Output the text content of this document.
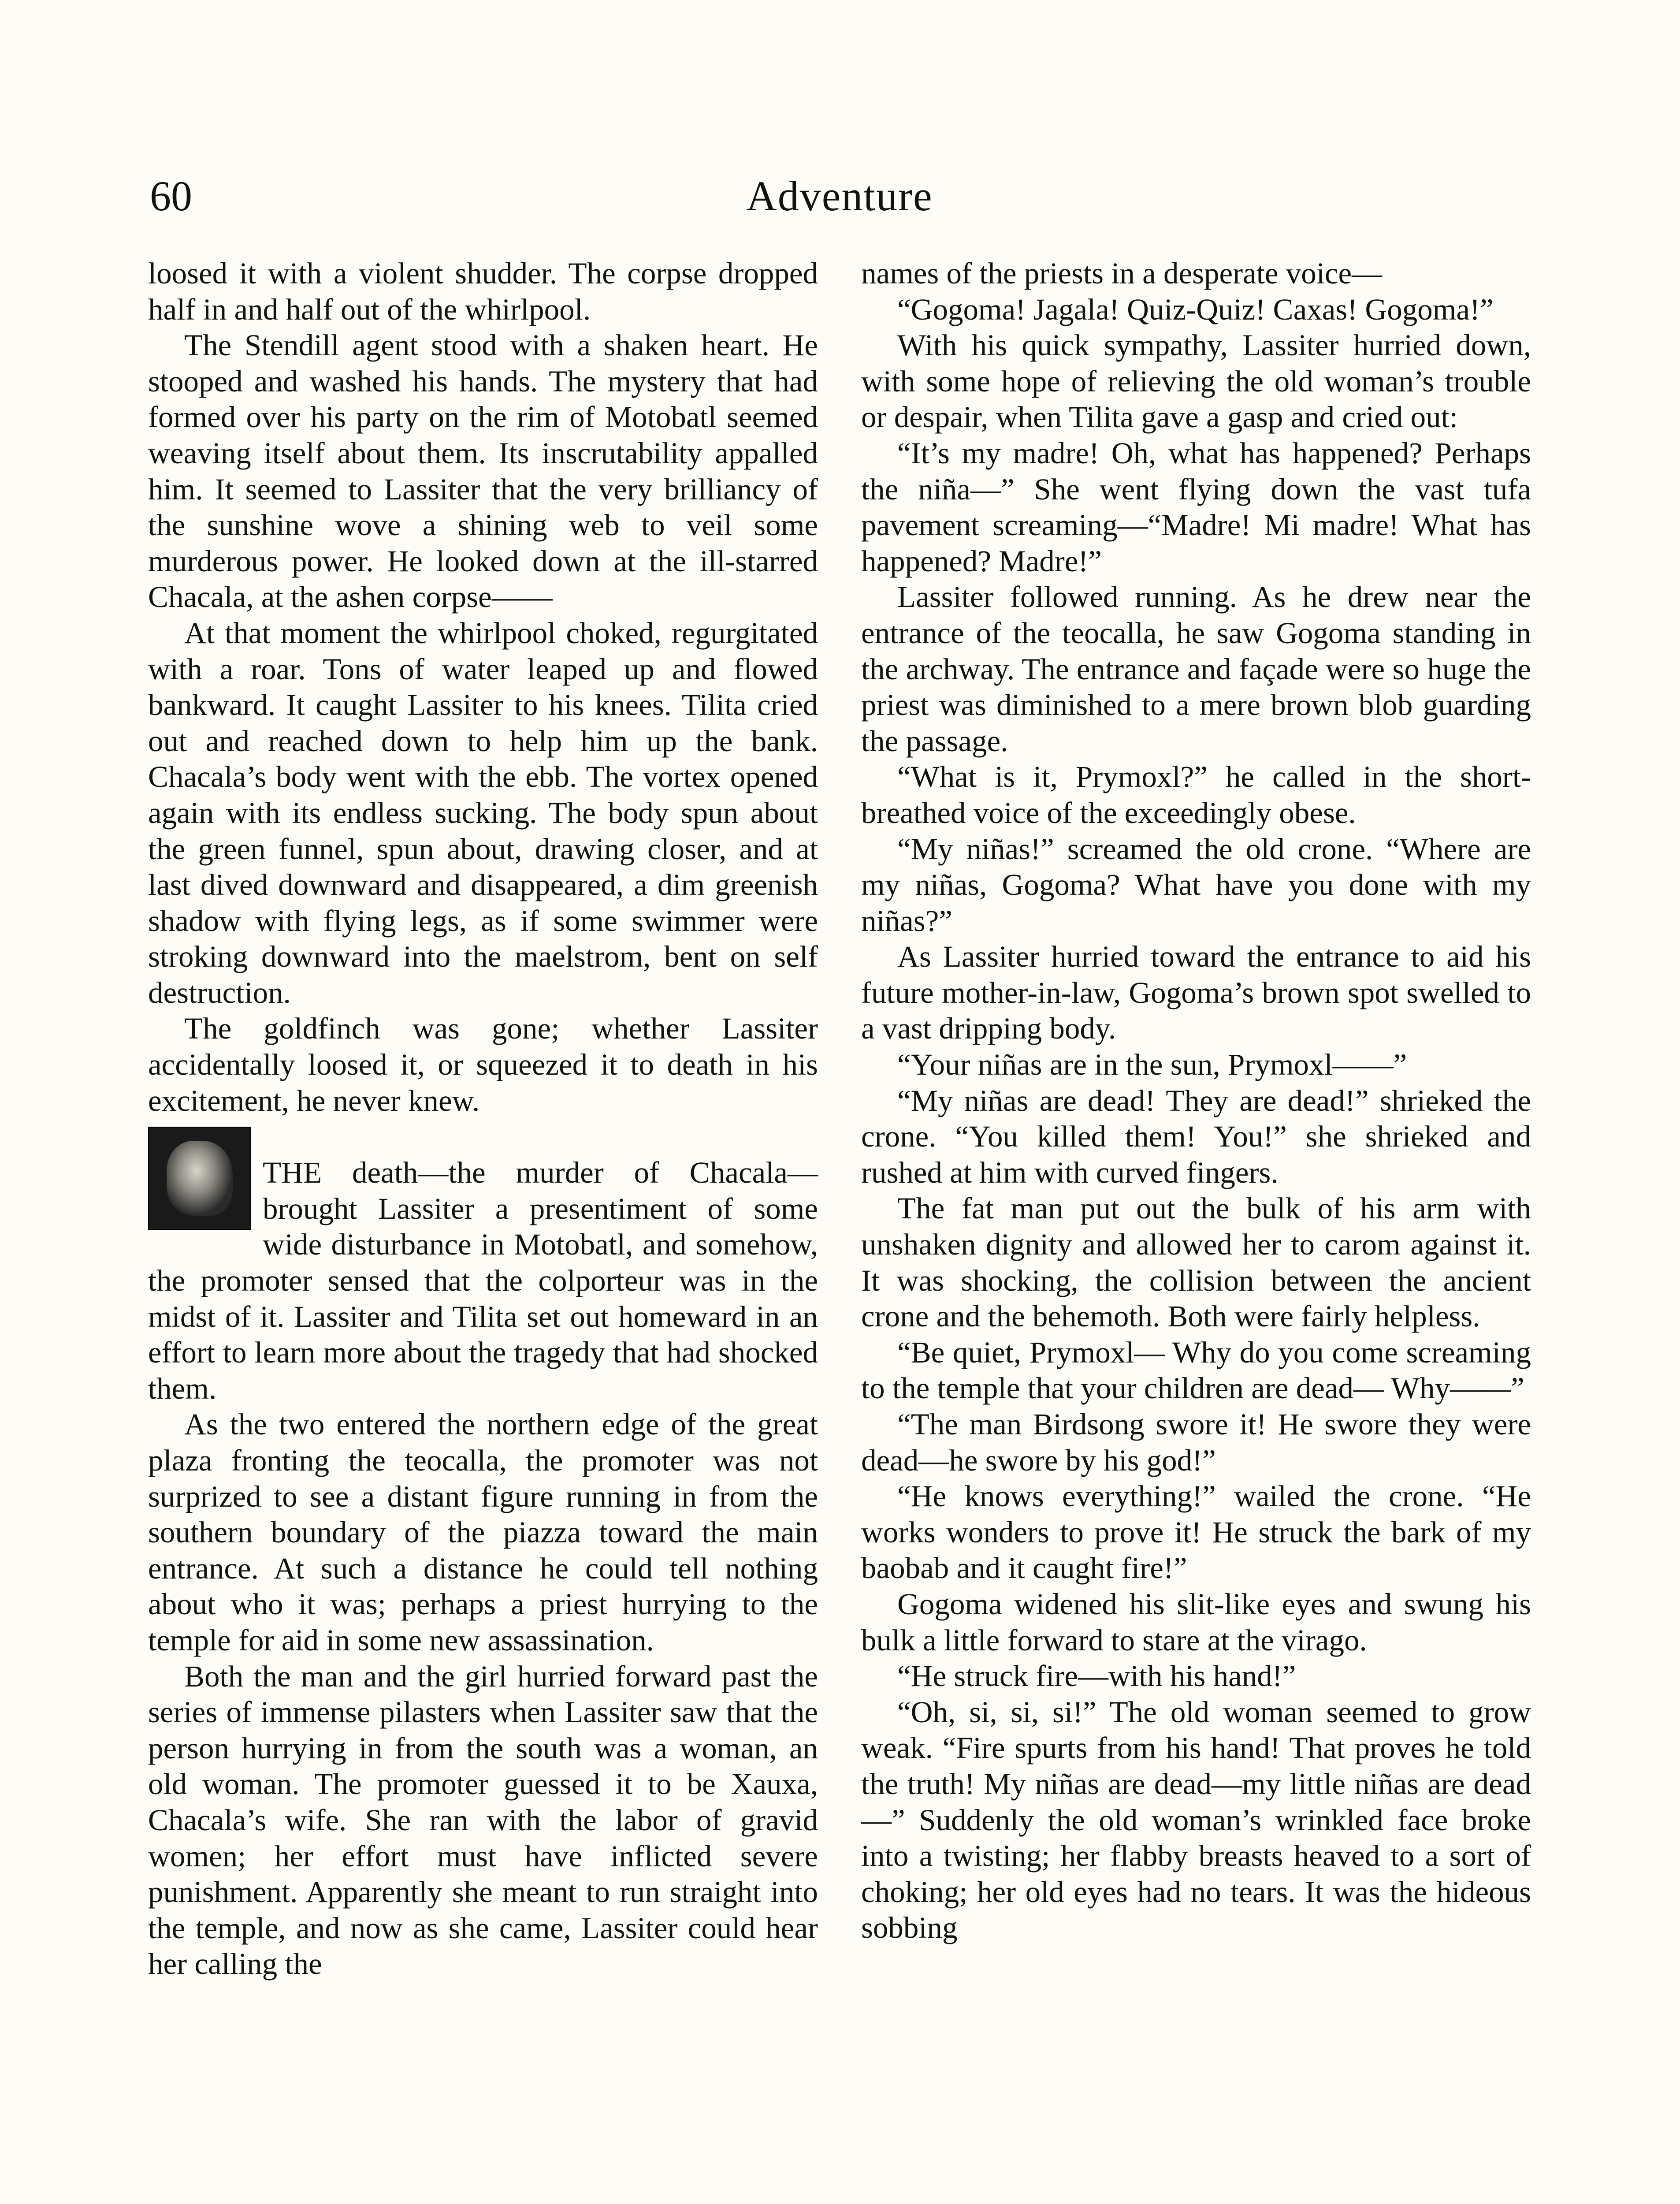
60	Adventure

loosed it with a violent shudder. The corpse dropped half in and half out of the whirlpool.

The Stendill agent stood with a shaken heart. He stooped and washed his hands. The mystery that had formed over his party on the rim of Motobatl seemed weaving itself about them. Its inscrutability appalled him. It seemed to Lassiter that the very brilliancy of the sunshine wove a shining web to veil some murderous power. He looked down at the ill-starred Chacala, at the ashen corpse——

At that moment the whirlpool choked, regurgitated with a roar. Tons of water leaped up and flowed bankward. It caught Lassiter to his knees. Tilita cried out and reached down to help him up the bank. Chacala’s body went with the ebb. The vortex opened again with its endless sucking. The body spun about the green funnel, spun about, drawing closer, and at last dived downward and disappeared, a dim greenish shadow with flying legs, as if some swimmer were stroking downward into the maelstrom, bent on self destruction.

The goldfinch was gone; whether Lassiter accidentally loosed it, or squeezed it to death in his excitement, he never knew.

THE death—the murder of Chacala—brought Lassiter a presentiment of some wide disturbance in Motobatl, and somehow, the promoter sensed that the colporteur was in the midst of it. Lassiter and Tilita set out homeward in an effort to learn more about the tragedy that had shocked them.

As the two entered the northern edge of the great plaza fronting the teocalla, the promoter was not surprized to see a distant figure running in from the southern boundary of the piazza toward the main entrance. At such a distance he could tell nothing about who it was; perhaps a priest hurrying to the temple for aid in some new assassination.

Both the man and the girl hurried forward past the series of immense pilasters when Lassiter saw that the person hurrying in from the south was a woman, an old woman. The promoter guessed it to be Xauxa, Chacala’s wife. She ran with the labor of gravid women; her effort must have inflicted severe punishment. Apparently she meant to run straight into the temple, and now as she came, Lassiter could hear her calling the

names of the priests in a desperate voice—

“Gogoma! Jagala! Quiz-Quiz! Caxas! Gogoma!”

With his quick sympathy, Lassiter hurried down, with some hope of relieving the old woman’s trouble or despair, when Tilita gave a gasp and cried out:

“It’s my madre! Oh, what has happened? Perhaps the niña—” She went flying down the vast tufa pavement screaming—“Madre! Mi madre! What has happened? Madre!”

Lassiter followed running. As he drew near the entrance of the teocalla, he saw Gogoma standing in the archway. The entrance and façade were so huge the priest was diminished to a mere brown blob guarding the passage.

“What is it, Prymoxl?” he called in the short-breathed voice of the exceedingly obese.

“My niñas!” screamed the old crone. “Where are my niñas, Gogoma? What have you done with my niñas?”

As Lassiter hurried toward the entrance to aid his future mother-in-law, Gogoma’s brown spot swelled to a vast dripping body.

“Your niñas are in the sun, Prymoxl——”

“My niñas are dead! They are dead!” shrieked the crone. “You killed them! You!” she shrieked and rushed at him with curved fingers.

The fat man put out the bulk of his arm with unshaken dignity and allowed her to carom against it. It was shocking, the collision between the ancient crone and the behemoth. Both were fairly helpless.

“Be quiet, Prymoxl— Why do you come screaming to the temple that your children are dead— Why——”

“The man Birdsong swore it! He swore they were dead—he swore by his god!”

“He knows everything!” wailed the crone. “He works wonders to prove it! He struck the bark of my baobab and it caught fire!”

Gogoma widened his slit-like eyes and swung his bulk a little forward to stare at the virago.

“He struck fire—with his hand!”

“Oh, si, si, si!” The old woman seemed to grow weak. “Fire spurts from his hand! That proves he told the truth! My niñas are dead—my little niñas are dead—” Suddenly the old woman’s wrinkled face broke into a twisting; her flabby breasts heaved to a sort of choking; her old eyes had no tears. It was the hideous sobbing
